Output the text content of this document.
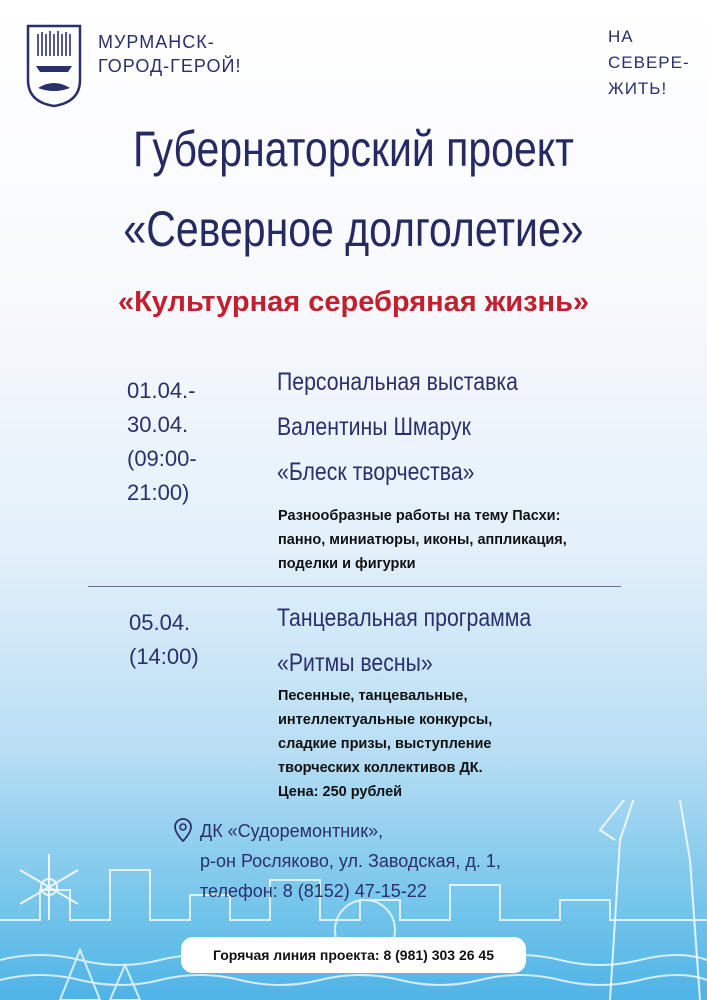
МУРМАНСК-
ГОРОД-ГЕРОЙ!
НА
СЕВЕРЕ-
ЖИТЬ!
Губернаторский проект
«Северное долголетие»
«Культурная серебряная жизнь»
01.04.-
30.04.
(09:00-
21:00)
Персональная выставка
Валентины Шмарук
«Блеск творчества»
Разнообразные работы на тему Пасхи:
панно, миниатюры, иконы, аппликация,
поделки и фигурки
05.04.
(14:00)
Танцевальная программа
«Ритмы весны»
Песенные, танцевальные,
интеллектуальные конкурсы,
сладкие призы, выступление
творческих коллективов ДК.
Цена: 250 рублей
ДК «Судоремонтник»,
р-он Росляково, ул. Заводская, д. 1,
телефон: 8 (8152) 47-15-22
Горячая линия проекта: 8 (981) 303 26 45
